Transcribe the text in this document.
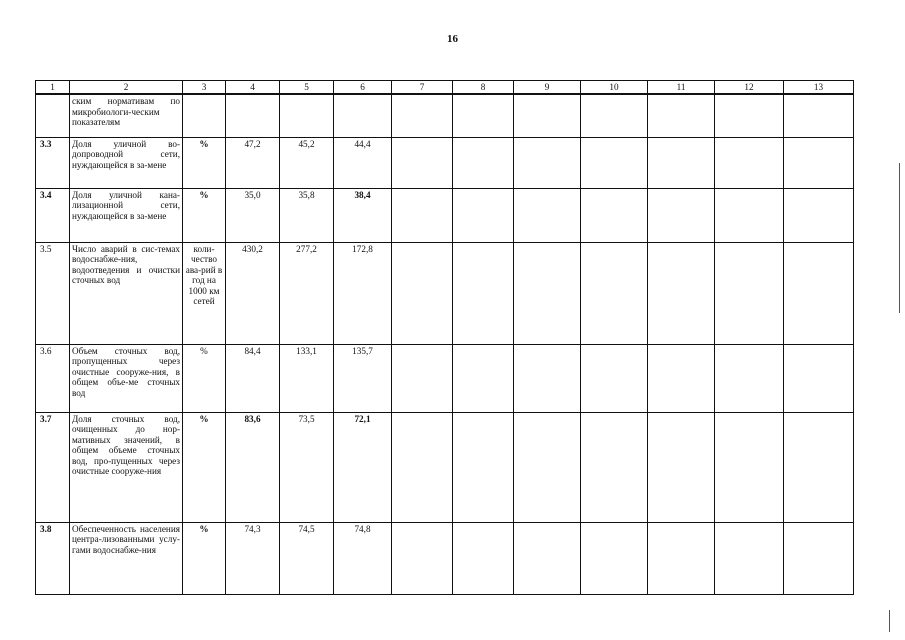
16
1	2	3	4	5	6	7	8	9	10	11	12	13
	ским нормативам по микробиологи-ческим показателям											
3.3	Доля уличной во-допроводной сети, нуждающейся в за-мене	%	47,2	45,2	44,4							
3.4	Доля уличной кана-лизационной сети, нуждающейся в за-мене	%	35,0	35,8	38,4							
3.5	Число аварий в сис-темах водоснабже-ния, водоотведения и очистки сточных вод	коли-чество ава-рий в год на 1000 км сетей	430,2	277,2	172,8							
3.6	Объем сточных вод, пропущенных через очистные сооруже-ния, в общем объе-ме сточных вод	%	84,4	133,1	135,7							
3.7	Доля сточных вод, очищенных до нор-мативных значений, в общем объеме сточных вод, про-пущенных через очистные сооруже-ния	%	83,6	73,5	72,1							
3.8	Обеспеченность населения центра-лизованными услу-гами водоснабже-ния	%	74,3	74,5	74,8							
